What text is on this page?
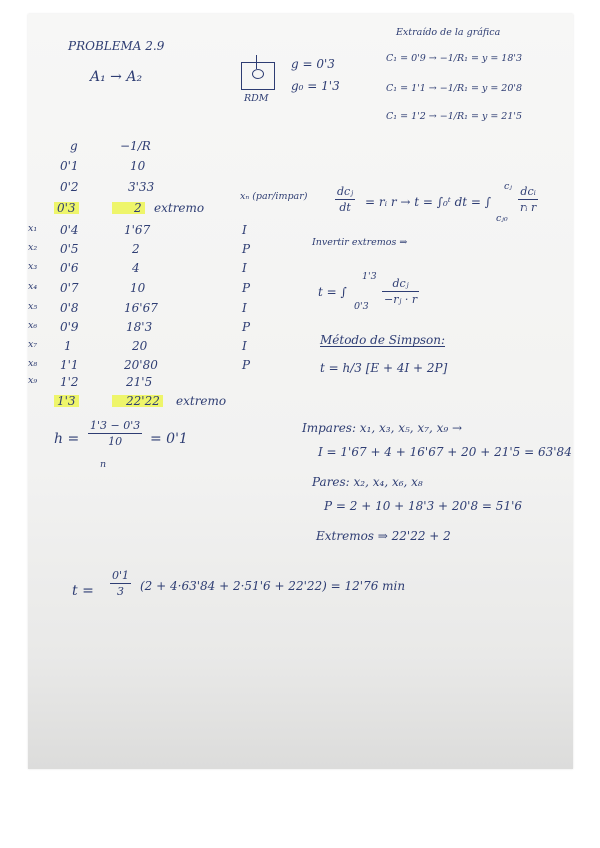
PROBLEMA 2.9
A₁ → A₂
RDM
g = 0'3
g₀ = 1'3
Extraído de la gráfica
C₁ = 0'9 → −1/R₁ = y = 18'3
C₁ = 1'1 → −1/R₁ = y = 20'8
C₁ = 1'2 → −1/R₁ = y = 21'5
g	−1/R
0'1	10
0'2	3'33
0'3	2 extremo
x₁ 0'4	1'67	I
x₂ 0'5	2	P
x₃ 0'6	4	I
x₄ 0'7	10	P
x₅ 0'8	16'67	I
x₆ 0'9	18'3	P
x₇ 1	20	I
x₈ 1'1	20'80	P
x₉ 1'2	21'5
1'3	22'22 extremo
xₙ (par/impar)	dcⱼ
dt = rᵢ r → t = ∫₀ᵗ dt = ∫
cⱼ
cⱼ₀
dcᵢ
rᵢ r
Invertir extremos ⇒
t = ∫
1'3
0'3
dcⱼ
−rⱼ · r
Método de Simpson:
t = h/3 [E + 4I + 2P]
h =
1'3 − 0'3
10 = 0'1
n
Impares: x₁, x₃, x₅, x₇, x₉ →
I = 1'67 + 4 + 16'67 + 20 + 21'5 = 63'84
Pares: x₂, x₄, x₆, x₈
P = 2 + 10 + 18'3 + 20'8 = 51'6
Extremos ⇒ 22'22 + 2
t =
0'1
3 (2 + 4·63'84 + 2·51'6 + 22'22) = 12'76 min
